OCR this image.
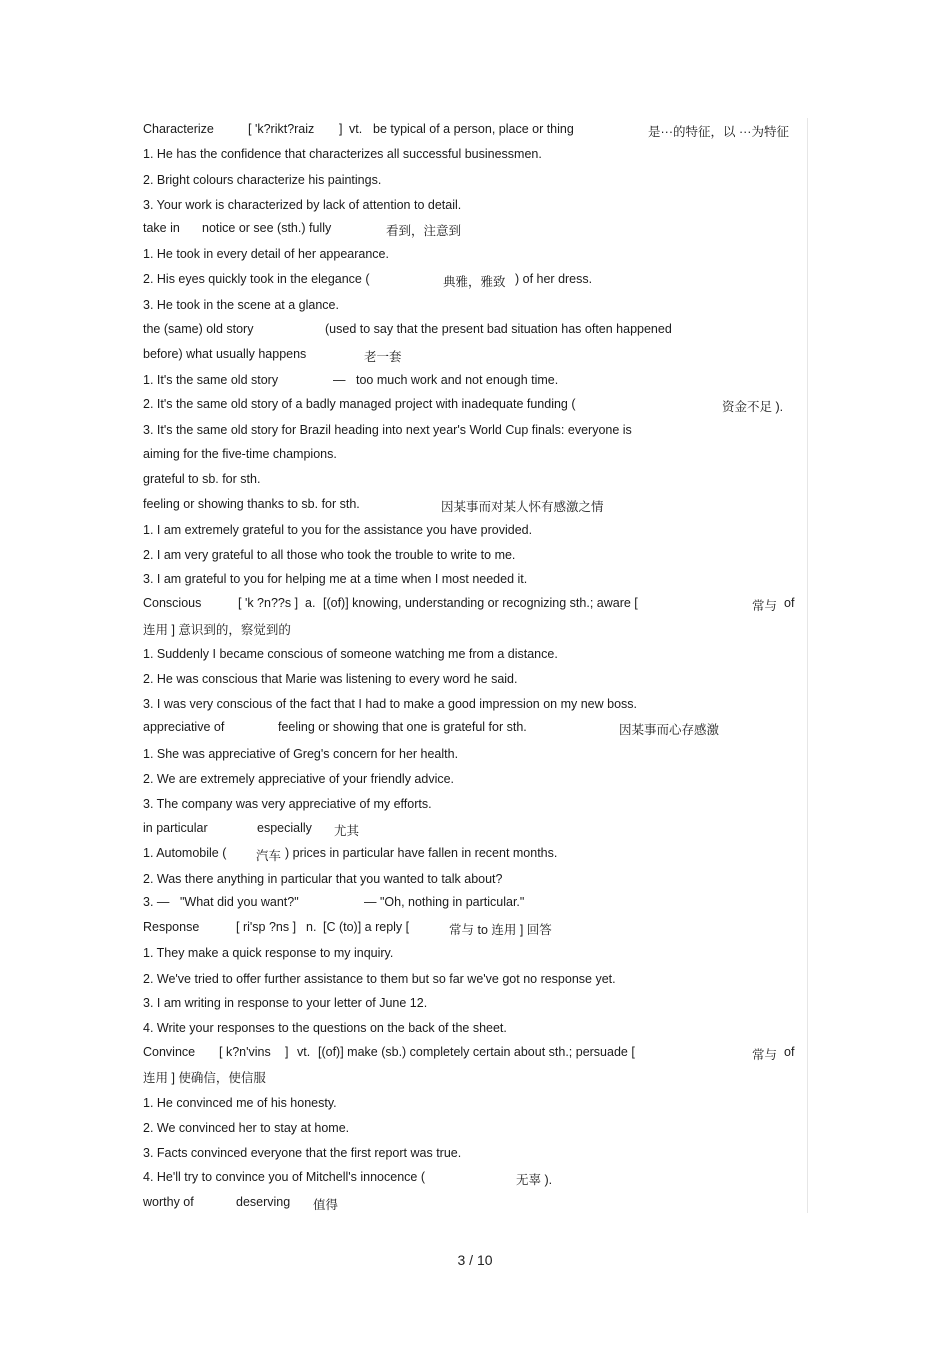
Characterize	[ 'k?rikt?raiz ] vt. be typical of a person, place or thing	是···的特征，以 ···为特征
1. He has the confidence that characterizes all successful businessmen.
2. Bright colours characterize his paintings.
3. Your work is characterized by lack of attention to detail.
take in notice or see (sth.) fully	看到，注意到
1. He took in every detail of her appearance.
2. His eyes quickly took in the elegance (	典雅，雅致 ) of her dress.
3. He took in the scene at a glance.
the (same) old story	(used to say that the present bad situation has often happened
before) what usually happens	老一套
1. It's the same old story	— too much work and not enough time.
2. It's the same old story of a badly managed project with inadequate funding (	资金不足 ).
3. It's the same old story for Brazil heading into next year's World Cup finals: everyone is
aiming for the five-time champions.
grateful to sb. for sth.
feeling or showing thanks to sb. for sth.	因某事而对某人怀有感激之情
1. I am extremely grateful to you for the assistance you have provided.
2. I am very grateful to all those who took the trouble to write to me.
3. I am grateful to you for helping me at a time when I most needed it.
Conscious	[ 'k ?n??s ] a. [(of)] knowing, understanding or recognizing sth.; aware [	常与 of
连用 ] 意识到的，察觉到的
1. Suddenly I became conscious of someone watching me from a distance.
2. He was conscious that Marie was listening to every word he said.
3. I was very conscious of the fact that I had to make a good impression on my new boss.
appreciative of	feeling or showing that one is grateful for sth.	因某事而心存感激
1. She was appreciative of Greg's concern for her health.
2. We are extremely appreciative of your friendly advice.
3. The company was very appreciative of my efforts.
in particular	especially 尤其
1. Automobile ( 汽车 ) prices in particular have fallen in recent months.
2. Was there anything in particular that you wanted to talk about?
3. — "What did you want?"	— "Oh, nothing in particular."
Response	[ ri'sp ?ns ] n. [C (to)] a reply [	常与 to 连用 ] 回答
1. They make a quick response to my inquiry.
2. We've tried to offer further assistance to them but so far we've got no response yet.
3. I am writing in response to your letter of June 12.
4. Write your responses to the questions on the back of the sheet.
Convince [ k?n'vins ] vt. [(of)] make (sb.) completely certain about sth.; persuade [	常与 of
连用 ] 使确信，使信服
1. He convinced me of his honesty.
2. We convinced her to stay at home.
3. Facts convinced everyone that the first report was true.
4. He'll try to convince you of Mitchell's innocence (	无辜 ).
worthy of	deserving 值得
3 / 10
